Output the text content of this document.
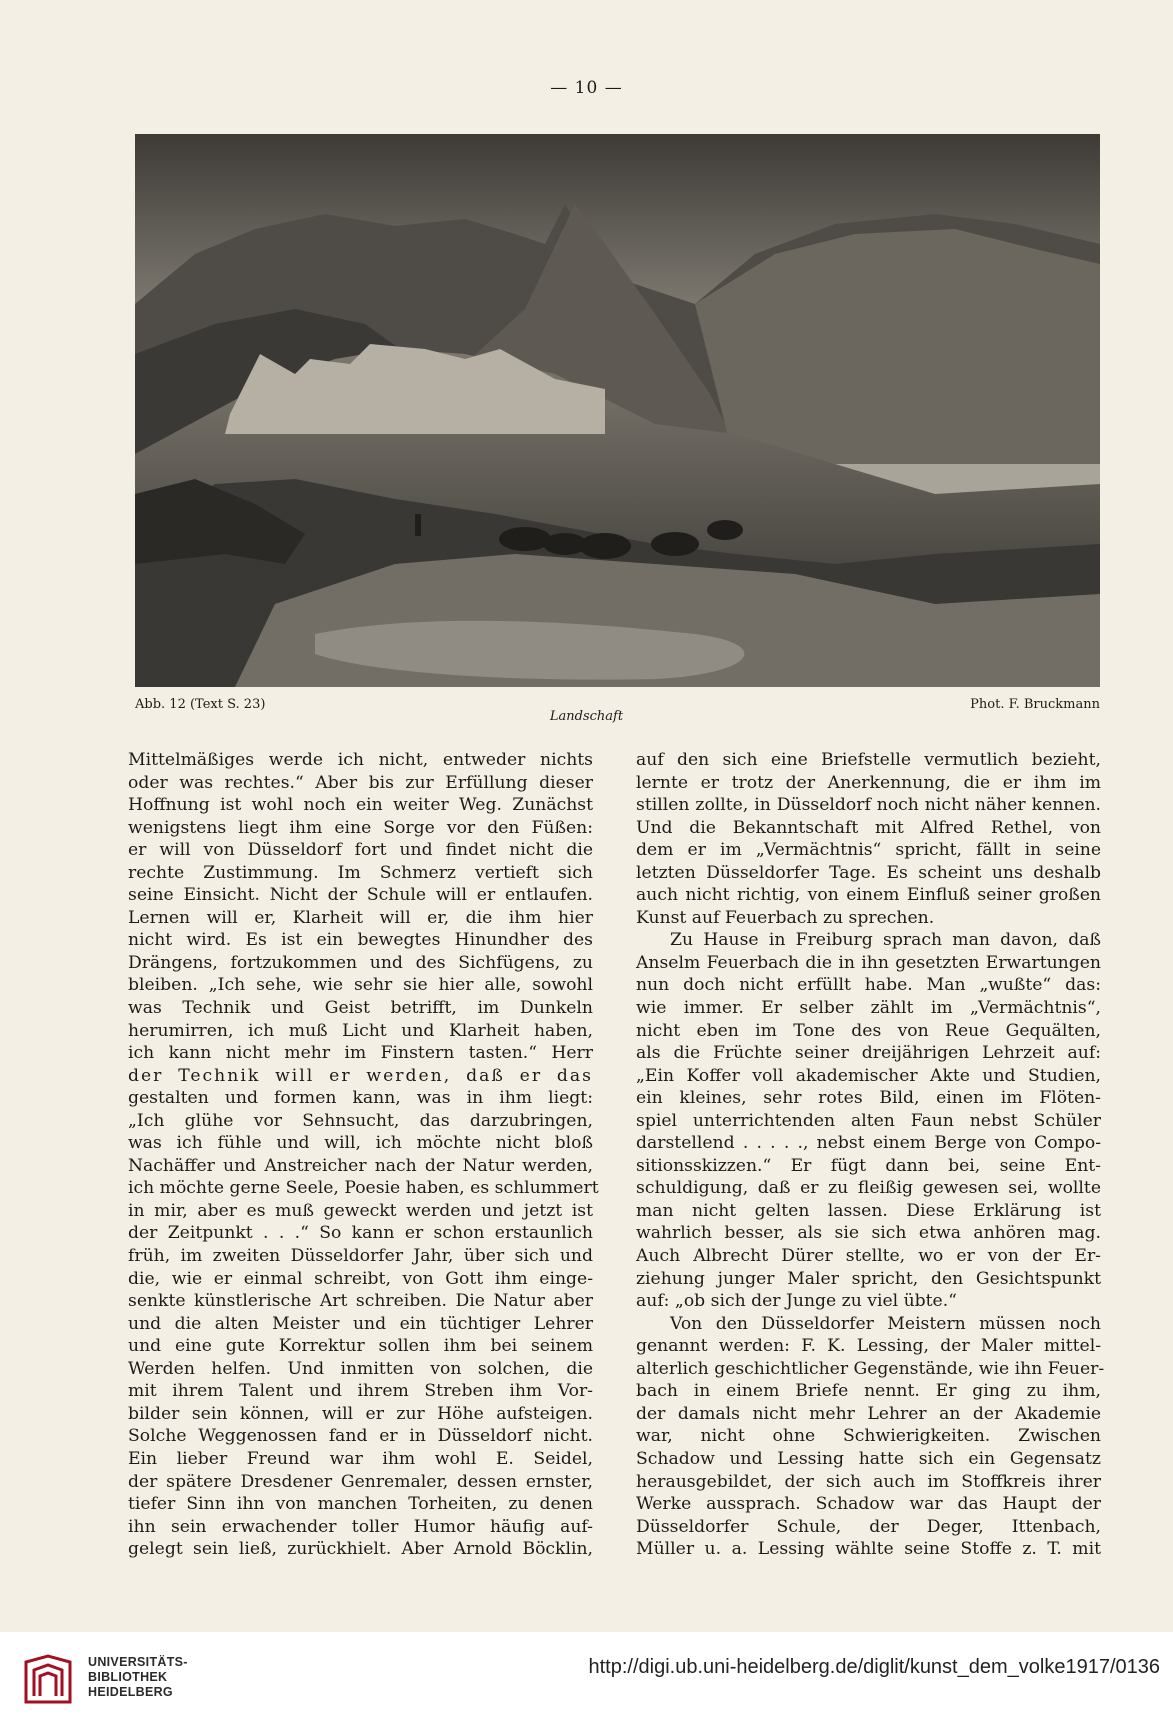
— 10 —
Abb. 12 (Text S. 23)
Landschaft
Phot. F. Bruckmann
Mittelmäßiges werde ich nicht, entweder nichts
oder was rechtes.“ Aber bis zur Erfüllung dieser
Hoffnung ist wohl noch ein weiter Weg. Zunächst
wenigstens liegt ihm eine Sorge vor den Füßen:
er will von Düsseldorf fort und findet nicht die
rechte Zustimmung. Im Schmerz vertieft sich
seine Einsicht. Nicht der Schule will er entlaufen.
Lernen will er, Klarheit will er, die ihm hier
nicht wird. Es ist ein bewegtes Hinundher des
Drängens, fortzukommen und des Sichfügens, zu
bleiben. „Ich sehe, wie sehr sie hier alle, sowohl
was Technik und Geist betrifft, im Dunkeln
herumirren, ich muß Licht und Klarheit haben,
ich kann nicht mehr im Finstern tasten.“ Herr
der Technik will er werden, daß er das
gestalten und formen kann, was in ihm liegt:
„Ich glühe vor Sehnsucht, das darzubringen,
was ich fühle und will, ich möchte nicht bloß
Nachäffer und Anstreicher nach der Natur werden,
ich möchte gerne Seele, Poesie haben, es schlummert
in mir, aber es muß geweckt werden und jetzt ist
der Zeitpunkt . . .“ So kann er schon erstaunlich
früh, im zweiten Düsseldorfer Jahr, über sich und
die, wie er einmal schreibt, von Gott ihm einge-
senkte künstlerische Art schreiben. Die Natur aber
und die alten Meister und ein tüchtiger Lehrer
und eine gute Korrektur sollen ihm bei seinem
Werden helfen. Und inmitten von solchen, die
mit ihrem Talent und ihrem Streben ihm Vor-
bilder sein können, will er zur Höhe aufsteigen.
Solche Weggenossen fand er in Düsseldorf nicht.
Ein lieber Freund war ihm wohl E. Seidel,
der spätere Dresdener Genremaler, dessen ernster,
tiefer Sinn ihn von manchen Torheiten, zu denen
ihn sein erwachender toller Humor häufig auf-
gelegt sein ließ, zurückhielt. Aber Arnold Böcklin,
auf den sich eine Briefstelle vermutlich bezieht,
lernte er trotz der Anerkennung, die er ihm im
stillen zollte, in Düsseldorf noch nicht näher kennen.
Und die Bekanntschaft mit Alfred Rethel, von
dem er im „Vermächtnis“ spricht, fällt in seine
letzten Düsseldorfer Tage. Es scheint uns deshalb
auch nicht richtig, von einem Einfluß seiner großen
Kunst auf Feuerbach zu sprechen.
Zu Hause in Freiburg sprach man davon, daß
Anselm Feuerbach die in ihn gesetzten Erwartungen
nun doch nicht erfüllt habe. Man „wußte“ das:
wie immer. Er selber zählt im „Vermächtnis“,
nicht eben im Tone des von Reue Gequälten,
als die Früchte seiner dreijährigen Lehrzeit auf:
„Ein Koffer voll akademischer Akte und Studien,
ein kleines, sehr rotes Bild, einen im Flöten-
spiel unterrichtenden alten Faun nebst Schüler
darstellend . . . . ., nebst einem Berge von Compo-
sitionsskizzen.“ Er fügt dann bei, seine Ent-
schuldigung, daß er zu fleißig gewesen sei, wollte
man nicht gelten lassen. Diese Erklärung ist
wahrlich besser, als sie sich etwa anhören mag.
Auch Albrecht Dürer stellte, wo er von der Er-
ziehung junger Maler spricht, den Gesichtspunkt
auf: „ob sich der Junge zu viel übte.“
Von den Düsseldorfer Meistern müssen noch
genannt werden: F. K. Lessing, der Maler mittel-
alterlich geschichtlicher Gegenstände, wie ihn Feuer-
bach in einem Briefe nennt. Er ging zu ihm,
der damals nicht mehr Lehrer an der Akademie
war, nicht ohne Schwierigkeiten. Zwischen
Schadow und Lessing hatte sich ein Gegensatz
herausgebildet, der sich auch im Stoffkreis ihrer
Werke aussprach. Schadow war das Haupt der
Düsseldorfer Schule, der Deger, Ittenbach,
Müller u. a. Lessing wählte seine Stoffe z. T. mit
UNIVERSITÄTS-
BIBLIOTHEK
HEIDELBERG
http://digi.ub.uni-heidelberg.de/diglit/kunst_dem_volke1917/0136
